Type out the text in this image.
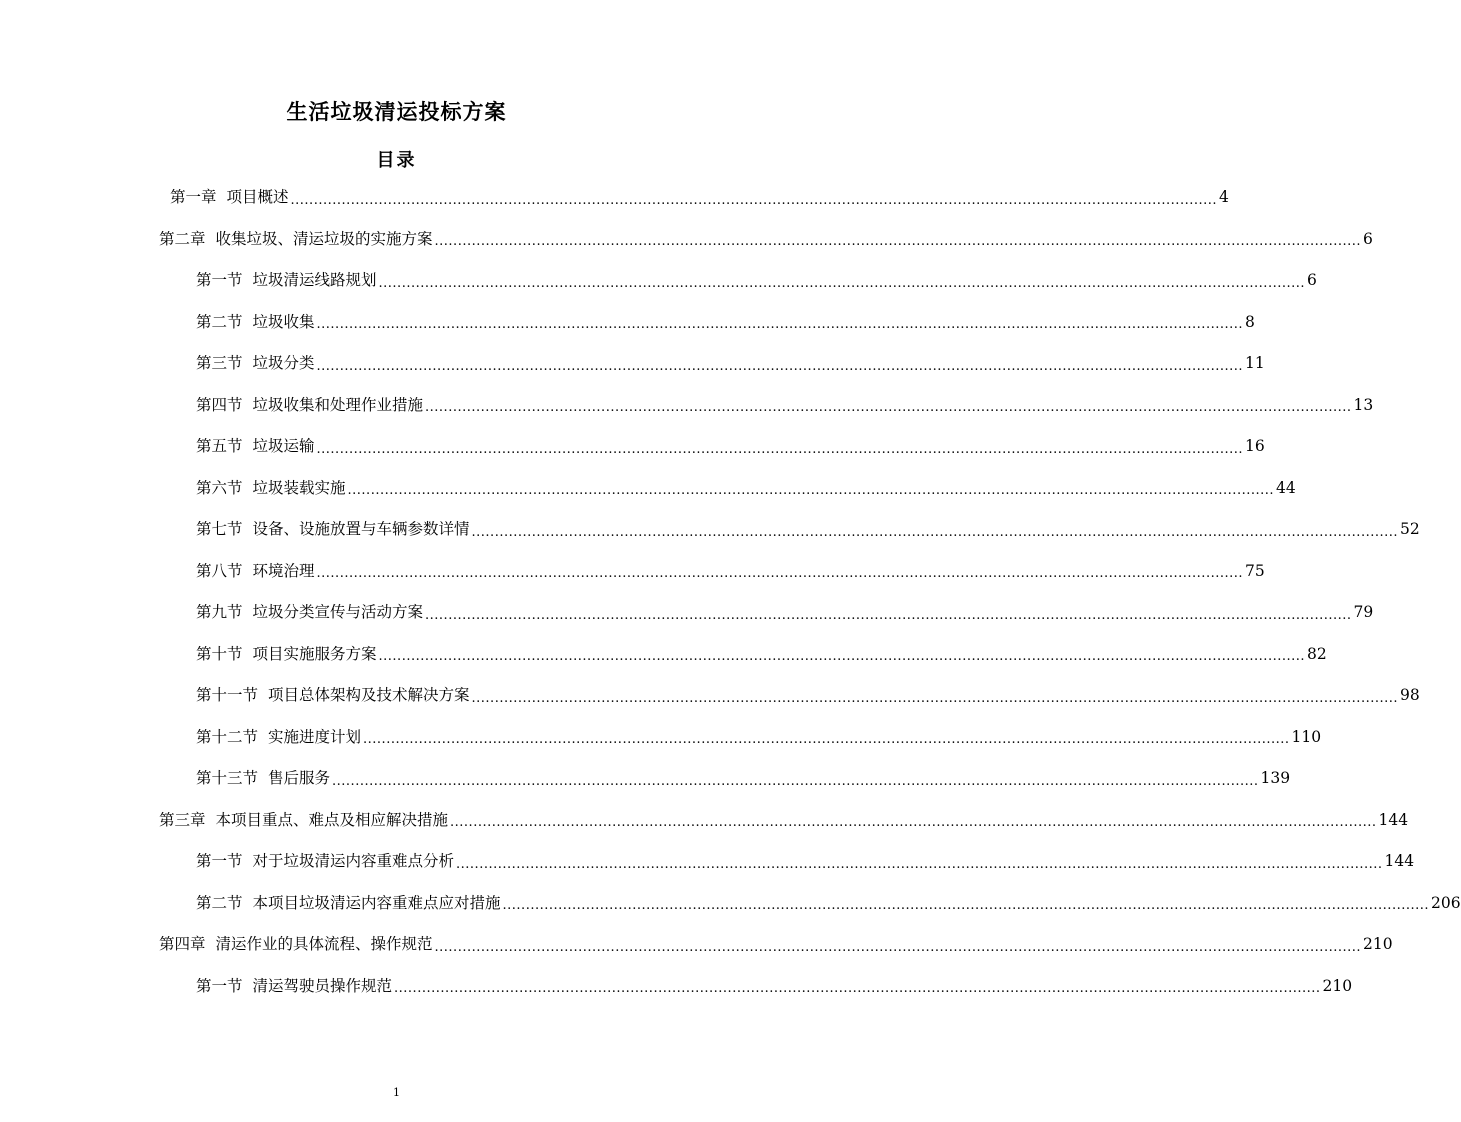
生活垃圾清运投标方案
目录
第一章 项目概述 ........................................................................................................................................................................................................ 4
第二章 收集垃圾、清运垃圾的实施方案 ........................................................................................................................................................................................................ 6
第一节 垃圾清运线路规划 ........................................................................................................................................................................................................ 6
第二节 垃圾收集 ........................................................................................................................................................................................................ 8
第三节 垃圾分类 ........................................................................................................................................................................................................ 11
第四节 垃圾收集和处理作业措施 ........................................................................................................................................................................................................ 13
第五节 垃圾运输 ........................................................................................................................................................................................................ 16
第六节 垃圾装载实施 ........................................................................................................................................................................................................ 44
第七节 设备、设施放置与车辆参数详情 ........................................................................................................................................................................................................ 52
第八节 环境治理 ........................................................................................................................................................................................................ 75
第九节 垃圾分类宣传与活动方案 ........................................................................................................................................................................................................ 79
第十节 项目实施服务方案 ........................................................................................................................................................................................................ 82
第十一节 项目总体架构及技术解决方案 ........................................................................................................................................................................................................ 98
第十二节 实施进度计划 ........................................................................................................................................................................................................ 110
第十三节 售后服务 ........................................................................................................................................................................................................ 139
第三章 本项目重点、难点及相应解决措施 ........................................................................................................................................................................................................ 144
第一节 对于垃圾清运内容重难点分析 ........................................................................................................................................................................................................ 144
第二节 本项目垃圾清运内容重难点应对措施 ........................................................................................................................................................................................................ 206
第四章 清运作业的具体流程、操作规范 ........................................................................................................................................................................................................ 210
第一节 清运驾驶员操作规范 ........................................................................................................................................................................................................ 210
1
